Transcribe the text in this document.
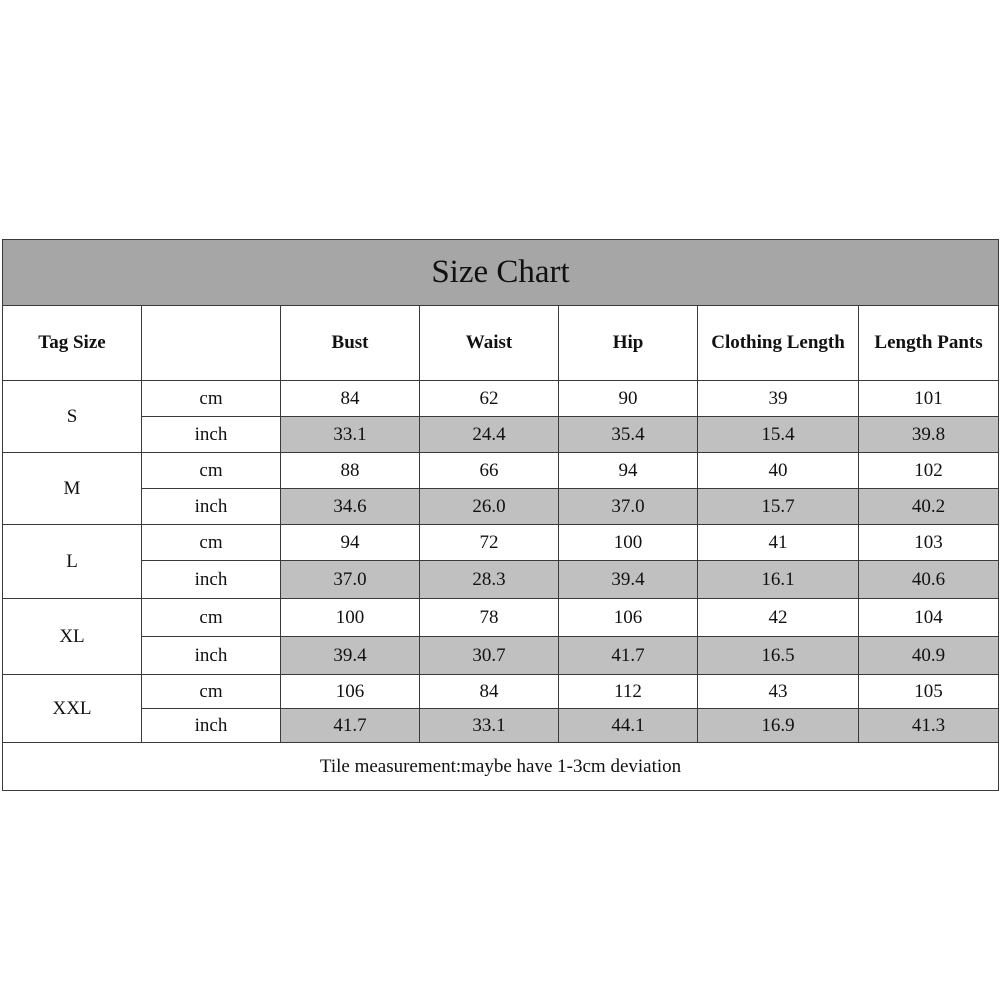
Size Chart						
Tag Size		Bust	Waist	Hip	Clothing Length	Length Pants
S	cm	84	62	90	39	101
	inch	33.1	24.4	35.4	15.4	39.8
M	cm	88	66	94	40	102
	inch	34.6	26.0	37.0	15.7	40.2
L	cm	94	72	100	41	103
	inch	37.0	28.3	39.4	16.1	40.6
XL	cm	100	78	106	42	104
	inch	39.4	30.7	41.7	16.5	40.9
XXL	cm	106	84	112	43	105
	inch	41.7	33.1	44.1	16.9	41.3
Tile measurement:maybe have 1-3cm deviation						
